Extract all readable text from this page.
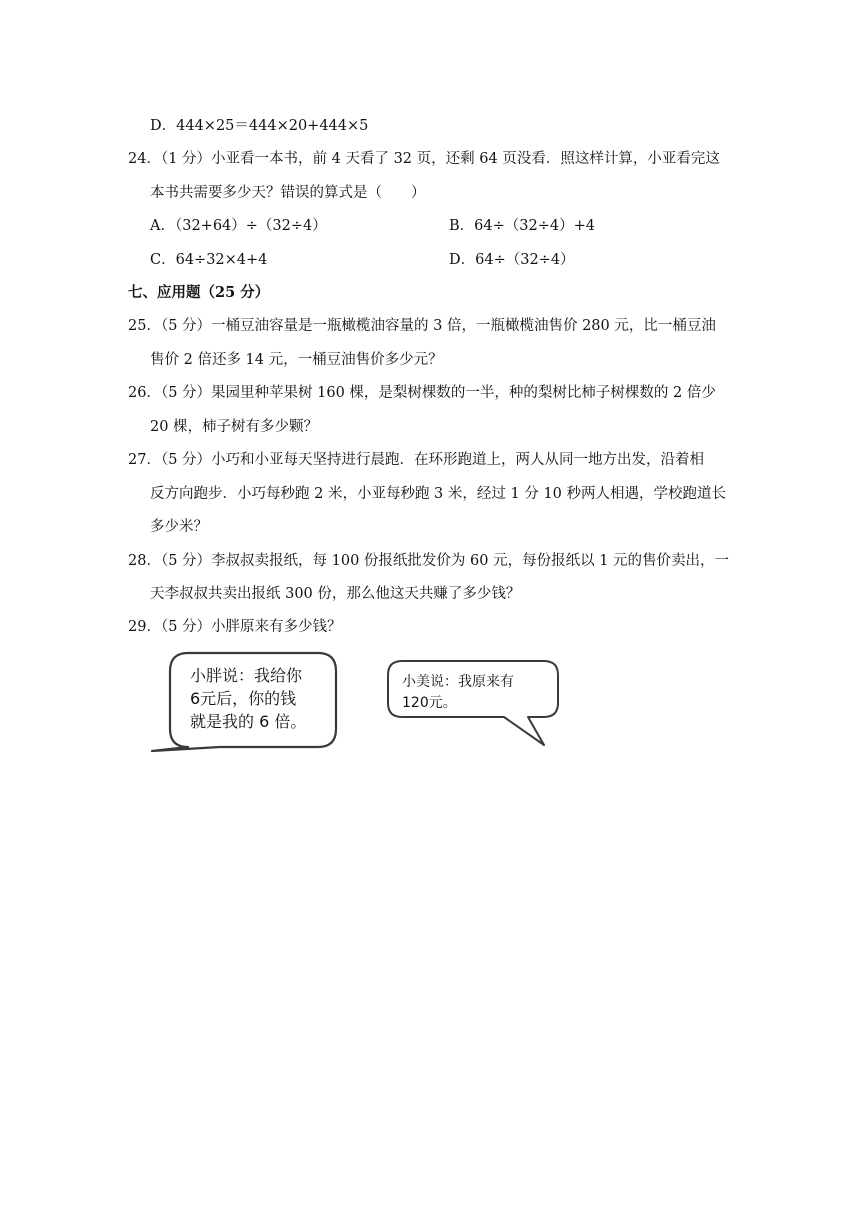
D．444×25＝444×20+444×5
24．（1 分）小亚看一本书，前 4 天看了 32 页，还剩 64 页没看．照这样计算，小亚看完这
本书共需要多少天？错误的算式是（　　）
A．（32+64）÷（32÷4）	B．64÷（32÷4）+4
C．64÷32×4+4	D．64÷（32÷4）
七、应用题（25 分）
25．（5 分）一桶豆油容量是一瓶橄榄油容量的 3 倍，一瓶橄榄油售价 280 元，比一桶豆油
售价 2 倍还多 14 元，一桶豆油售价多少元？
26．（5 分）果园里种苹果树 160 棵，是梨树棵数的一半，种的梨树比柿子树棵数的 2 倍少
20 棵，柿子树有多少颗？
27．（5 分）小巧和小亚每天坚持进行晨跑．在环形跑道上，两人从同一地方出发，沿着相
反方向跑步．小巧每秒跑 2 米，小亚每秒跑 3 米，经过 1 分 10 秒两人相遇，学校跑道长
多少米？
28．（5 分）李叔叔卖报纸，每 100 份报纸批发价为 60 元，每份报纸以 1 元的售价卖出，一
天李叔叔共卖出报纸 300 份，那么他这天共赚了多少钱？
29．（5 分）小胖原来有多少钱？
小胖说：我给你
6元后，你的钱
就是我的 6 倍。
小美说：我原来有
120元。
